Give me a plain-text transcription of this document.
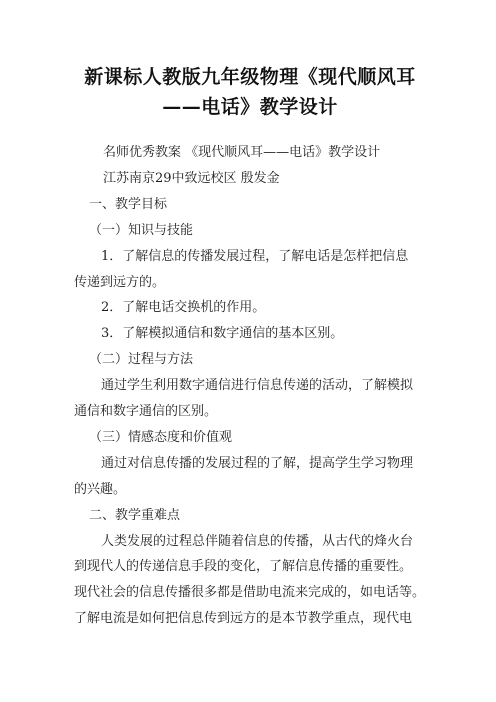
新课标人教版九年级物理《现代顺风耳
——电话》教学设计
名师优秀教案 《现代顺风耳——电话》教学设计
江苏南京29中致远校区 殷发金
一、教学目标
（一）知识与技能
1．了解信息的传播发展过程，了解电话是怎样把信息
传递到远方的。
2．了解电话交换机的作用。
3．了解模拟通信和数字通信的基本区别。
（二）过程与方法
通过学生利用数字通信进行信息传递的活动，了解模拟
通信和数字通信的区别。
（三）情感态度和价值观
通过对信息传播的发展过程的了解，提高学生学习物理
的兴趣。
二、教学重难点
人类发展的过程总伴随着信息的传播，从古代的烽火台
到现代人的传递信息手段的变化，了解信息传播的重要性。
现代社会的信息传播很多都是借助电流来完成的，如电话等。
了解电流是如何把信息传到远方的是本节教学重点，现代电
